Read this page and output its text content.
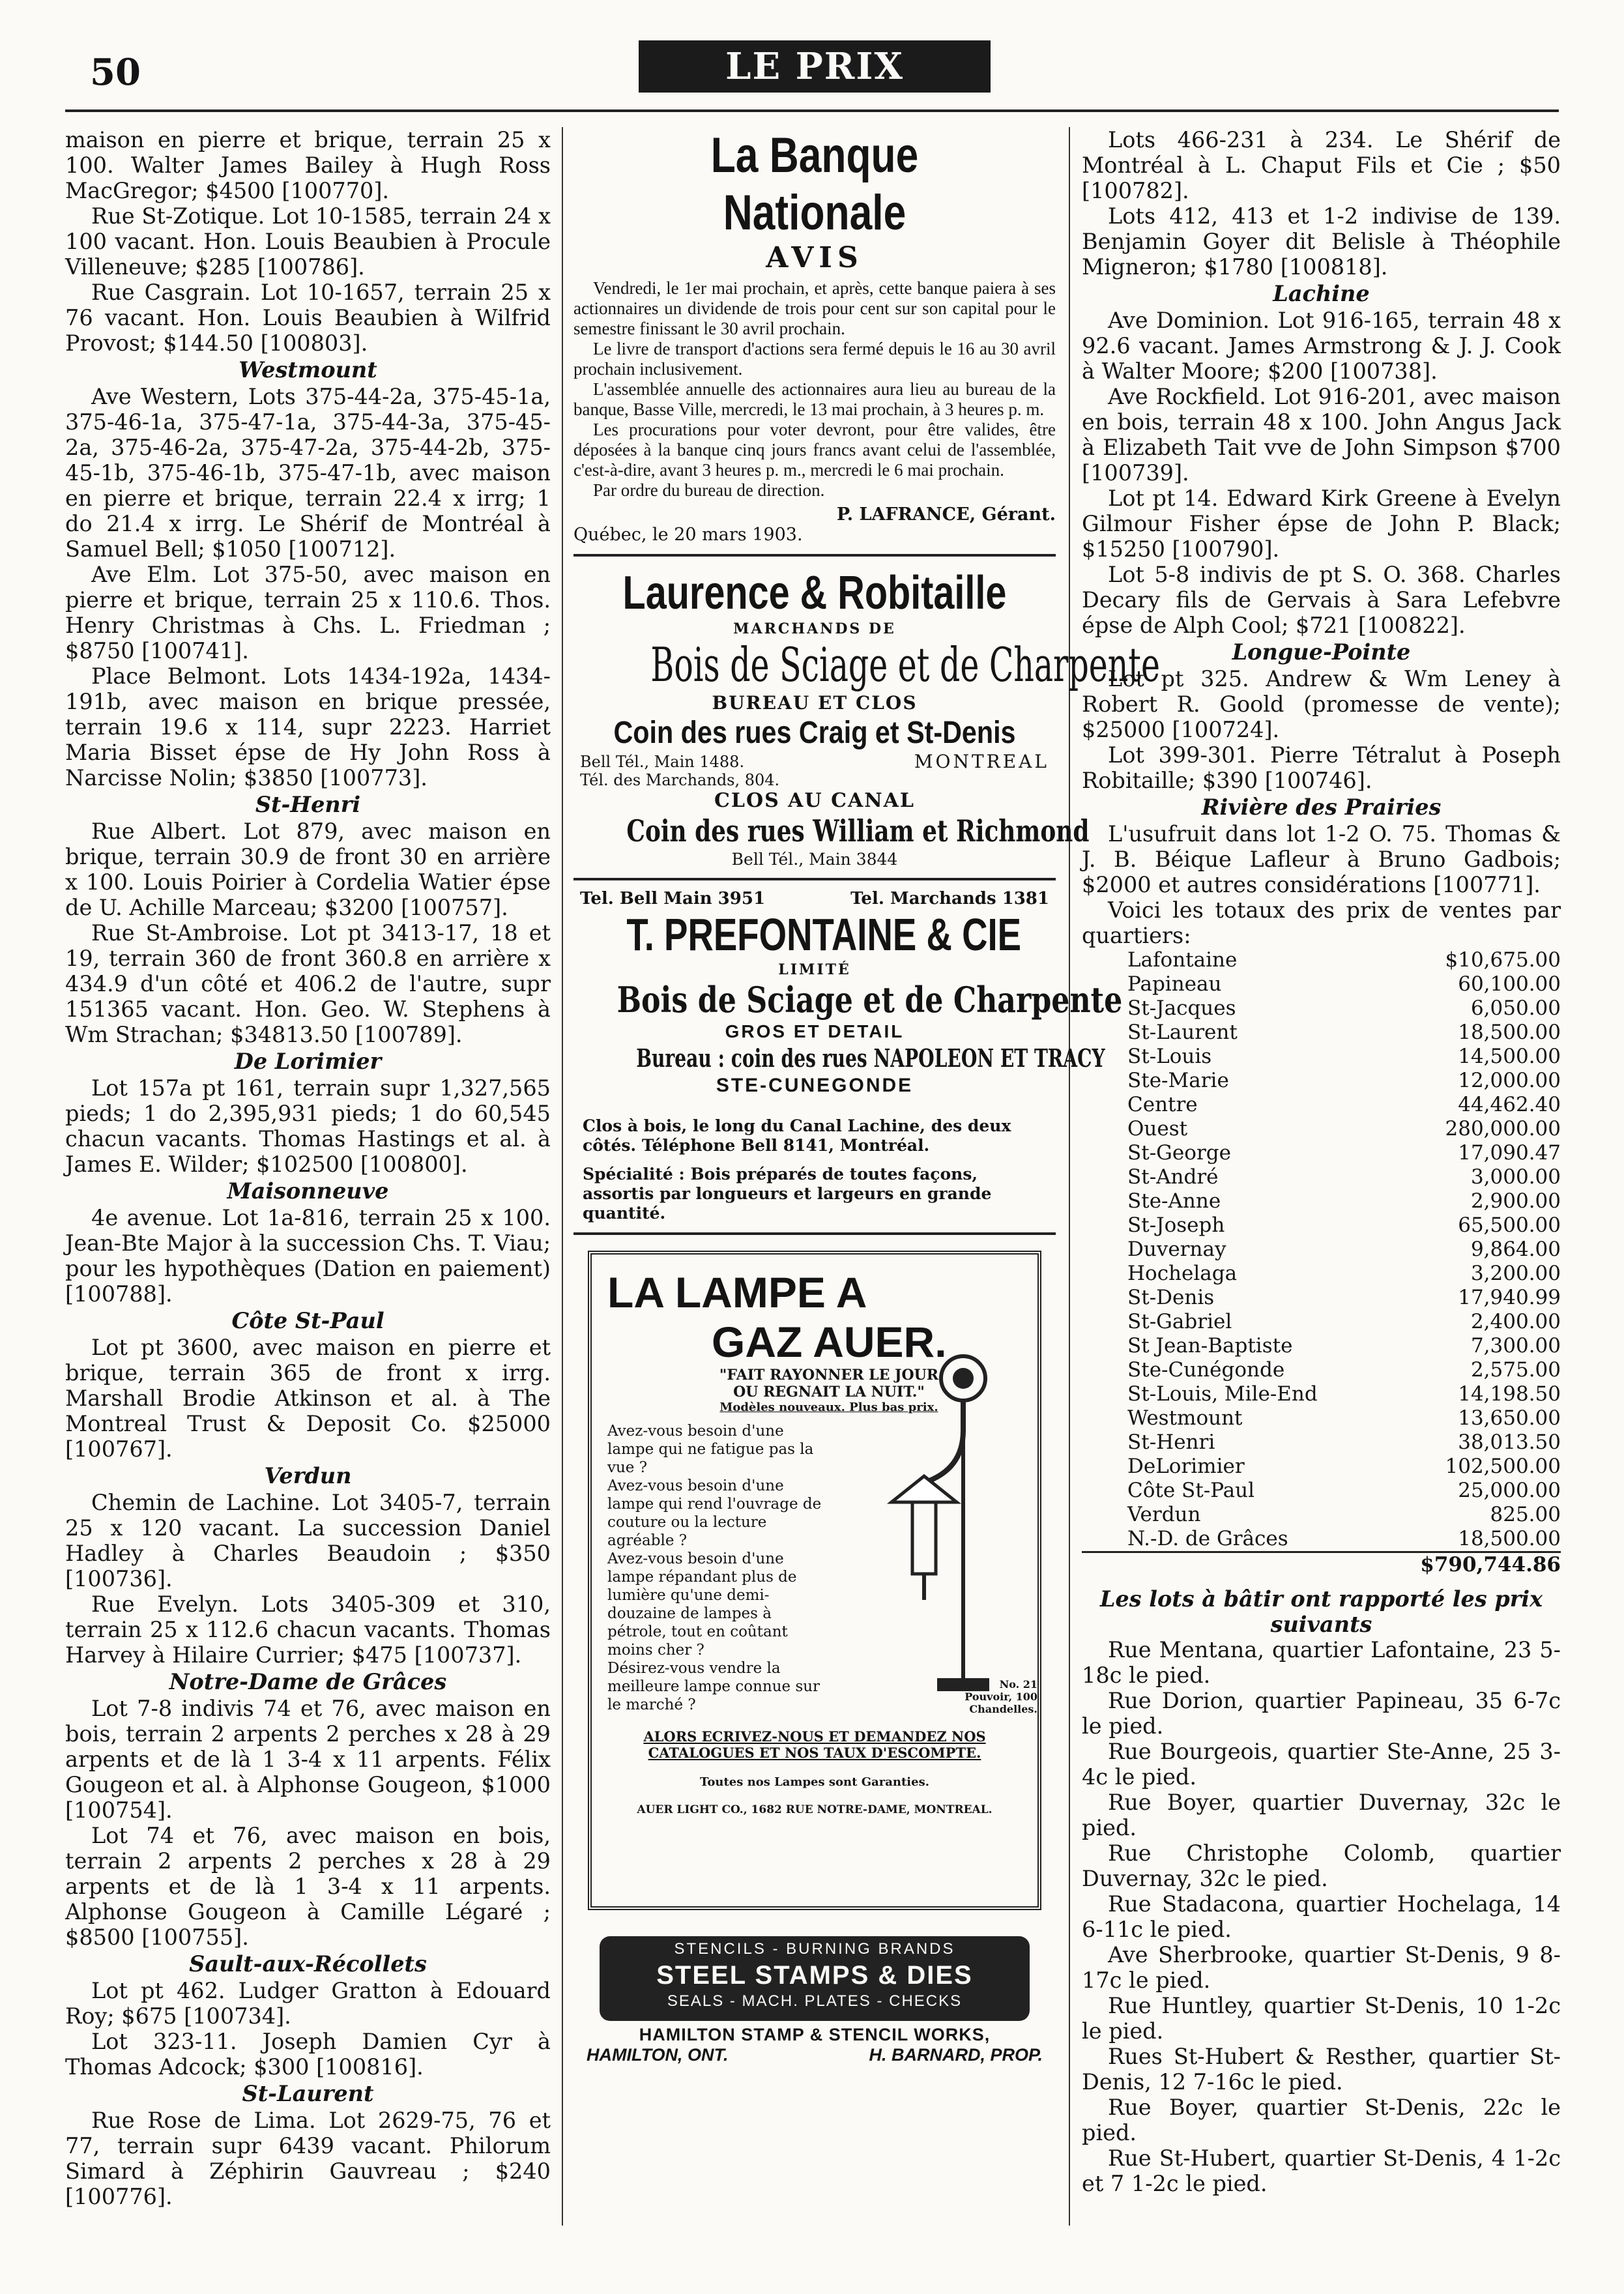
50	LE PRIX COURANT

maison en pierre et brique, terrain 25 x 100. Walter James Bailey à Hugh Ross MacGregor; $4500 [100770].

Rue St-Zotique. Lot 10-1585, terrain 24 x 100 vacant. Hon. Louis Beaubien à Procule Villeneuve; $285 [100786].

Rue Casgrain. Lot 10-1657, terrain 25 x 76 vacant. Hon. Louis Beaubien à Wilfrid Provost; $144.50 [100803].

Westmount

Ave Western, Lots 375-44-2a, 375-45-1a, 375-46-1a, 375-47-1a, 375-44-3a, 375-45-2a, 375-46-2a, 375-47-2a, 375-44-2b, 375-45-1b, 375-46-1b, 375-47-1b, avec maison en pierre et brique, terrain 22.4 x irrg; 1 do 21.4 x irrg. Le Shérif de Montréal à Samuel Bell; $1050 [100712].

Ave Elm. Lot 375-50, avec maison en pierre et brique, terrain 25 x 110.6. Thos. Henry Christmas à Chs. L. Friedman ; $8750 [100741].

Place Belmont. Lots 1434-192a, 1434-191b, avec maison en brique pressée, terrain 19.6 x 114, supr 2223. Harriet Maria Bisset épse de Hy John Ross à Narcisse Nolin; $3850 [100773].

St-Henri

Rue Albert. Lot 879, avec maison en brique, terrain 30.9 de front 30 en arrière x 100. Louis Poirier à Cordelia Watier épse de U. Achille Marceau; $3200 [100757].

Rue St-Ambroise. Lot pt 3413-17, 18 et 19, terrain 360 de front 360.8 en arrière x 434.9 d'un côté et 406.2 de l'autre, supr 151365 vacant. Hon. Geo. W. Stephens à Wm Strachan; $34813.50 [100789].

De Lorimier

Lot 157a pt 161, terrain supr 1,327,565 pieds; 1 do 2,395,931 pieds; 1 do 60,545 chacun vacants. Thomas Hastings et al. à James E. Wilder; $102500 [100800].

Maisonneuve

4e avenue. Lot 1a-816, terrain 25 x 100. Jean-Bte Major à la succession Chs. T. Viau; pour les hypothèques (Dation en paiement) [100788].

Côte St-Paul

Lot pt 3600, avec maison en pierre et brique, terrain 365 de front x irrg. Marshall Brodie Atkinson et al. à The Montreal Trust & Deposit Co. $25000 [100767].

Verdun

Chemin de Lachine. Lot 3405-7, terrain 25 x 120 vacant. La succession Daniel Hadley à Charles Beaudoin ; $350 [100736].

Rue Evelyn. Lots 3405-309 et 310, terrain 25 x 112.6 chacun vacants. Thomas Harvey à Hilaire Currier; $475 [100737].

Notre-Dame de Grâces

Lot 7-8 indivis 74 et 76, avec maison en bois, terrain 2 arpents 2 perches x 28 à 29 arpents et de là 1 3-4 x 11 arpents. Félix Gougeon et al. à Alphonse Gougeon, $1000 [100754].

Lot 74 et 76, avec maison en bois, terrain 2 arpents 2 perches x 28 à 29 arpents et de là 1 3-4 x 11 arpents. Alphonse Gougeon à Camille Légaré ; $8500 [100755].

Sault-aux-Récollets

Lot pt 462. Ludger Gratton à Edouard Roy; $675 [100734].

Lot 323-11. Joseph Damien Cyr à Thomas Adcock; $300 [100816].

St-Laurent

Rue Rose de Lima. Lot 2629-75, 76 et 77, terrain supr 6439 vacant. Philorum Simard à Zéphirin Gauvreau ; $240 [100776].

La Banque Nationale
AVIS

Vendredi, le 1er mai prochain, et après, cette banque paiera à ses actionnaires un dividende de trois pour cent sur son capital pour le semestre finissant le 30 avril prochain.

Le livre de transport d'actions sera fermé depuis le 16 au 30 avril prochain inclusivement.

L'assemblée annuelle des actionnaires aura lieu au bureau de la banque, Basse Ville, mercredi, le 13 mai prochain, à 3 heures p. m.

Les procurations pour voter devront, pour être valides, être déposées à la banque cinq jours francs avant celui de l'assemblée, c'est-à-dire, avant 3 heures p. m., mercredi le 6 mai prochain.

Par ordre du bureau de direction.

P. LAFRANCE, Gérant.
Québec, le 20 mars 1903.
Laurence & Robitaille
MARCHANDS DE
Bois de Sciage et de Charpente
BUREAU ET CLOS
Coin des rues Craig et St-Denis
Bell Tél., Main 1488.
Tél. des Marchands, 804.
MONTREAL
CLOS AU CANAL
Coin des rues William et Richmond
Bell Tél., Main 3844
Tel. Bell Main 3951	Tel. Marchands 1381
T. PREFONTAINE & CIE
LIMITÉ
Bois de Sciage et de Charpente
GROS ET DETAIL
Bureau : coin des rues NAPOLEON ET TRACY
STE-CUNEGONDE
Clos à bois, le long du Canal Lachine, des deux côtés. Téléphone Bell 8141, Montréal.
Spécialité : Bois préparés de toutes façons, assortis par longueurs et largeurs en grande quantité.
LA LAMPE A
GAZ AUER.
"FAIT RAYONNER LE JOUR OU REGNAIT LA NUIT."
Modèles nouveaux. Plus bas prix.
Avez-vous besoin d'une lampe qui ne fatigue pas la vue ?
Avez-vous besoin d'une lampe qui rend l'ouvrage de couture ou la lecture agréable ?
Avez-vous besoin d'une lampe répandant plus de lumière qu'une demi-douzaine de lampes à pétrole, tout en coûtant moins cher ?
Désirez-vous vendre la meilleure lampe connue sur le marché ?
No. 21
Pouvoir, 100 Chandelles.
ALORS ECRIVEZ-NOUS ET DEMANDEZ NOS CATALOGUES ET NOS TAUX D'ESCOMPTE.
Toutes nos Lampes sont Garanties.
AUER LIGHT CO., 1682 RUE NOTRE-DAME, MONTREAL.
STENCILS - BURNING BRANDS
STEEL STAMPS & DIES
SEALS - MACH. PLATES - CHECKS
HAMILTON STAMP & STENCIL WORKS,
HAMILTON, ONT.	H. BARNARD, PROP.

Lots 466-231 à 234. Le Shérif de Montréal à L. Chaput Fils et Cie ; $50 [100782].

Lots 412, 413 et 1-2 indivise de 139. Benjamin Goyer dit Belisle à Théophile Migneron; $1780 [100818].

Lachine

Ave Dominion. Lot 916-165, terrain 48 x 92.6 vacant. James Armstrong & J. J. Cook à Walter Moore; $200 [100738].

Ave Rockfield. Lot 916-201, avec maison en bois, terrain 48 x 100. John Angus Jack à Elizabeth Tait vve de John Simpson $700 [100739].

Lot pt 14. Edward Kirk Greene à Evelyn Gilmour Fisher épse de John P. Black; $15250 [100790].

Lot 5-8 indivis de pt S. O. 368. Charles Decary fils de Gervais à Sara Lefebvre épse de Alph Cool; $721 [100822].

Longue-Pointe

Lot pt 325. Andrew & Wm Leney à Robert R. Goold (promesse de vente); $25000 [100724].

Lot 399-301. Pierre Tétralut à Poseph Robitaille; $390 [100746].

Rivière des Prairies

L'usufruit dans lot 1-2 O. 75. Thomas & J. B. Béique Lafleur à Bruno Gadbois; $2000 et autres considérations [100771].

Voici les totaux des prix de ventes par quartiers:

Lafontaine	$10,675.00
Papineau	60,100.00
St-Jacques	6,050.00
St-Laurent	18,500.00
St-Louis	14,500.00
Ste-Marie	12,000.00
Centre	44,462.40
Ouest	280,000.00
St-George	17,090.47
St-André	3,000.00
Ste-Anne	2,900.00
St-Joseph	65,500.00
Duvernay	9,864.00
Hochelaga	3,200.00
St-Denis	17,940.99
St-Gabriel	2,400.00
St Jean-Baptiste	7,300.00
Ste-Cunégonde	2,575.00
St-Louis, Mile-End	14,198.50
Westmount	13,650.00
St-Henri	38,013.50
DeLorimier	102,500.00
Côte St-Paul	25,000.00
Verdun	825.00
N.-D. de Grâces	18,500.00
	$790,744.86
Les lots à bâtir ont rapporté les prix suivants

Rue Mentana, quartier Lafontaine, 23 5-18c le pied.

Rue Dorion, quartier Papineau, 35 6-7c le pied.

Rue Bourgeois, quartier Ste-Anne, 25 3-4c le pied.

Rue Boyer, quartier Duvernay, 32c le pied.

Rue Christophe Colomb, quartier Duvernay, 32c le pied.

Rue Stadacona, quartier Hochelaga, 14 6-11c le pied.

Ave Sherbrooke, quartier St-Denis, 9 8-17c le pied.

Rue Huntley, quartier St-Denis, 10 1-2c le pied.

Rues St-Hubert & Resther, quartier St-Denis, 12 7-16c le pied.

Rue Boyer, quartier St-Denis, 22c le pied.

Rue St-Hubert, quartier St-Denis, 4 1-2c et 7 1-2c le pied.
